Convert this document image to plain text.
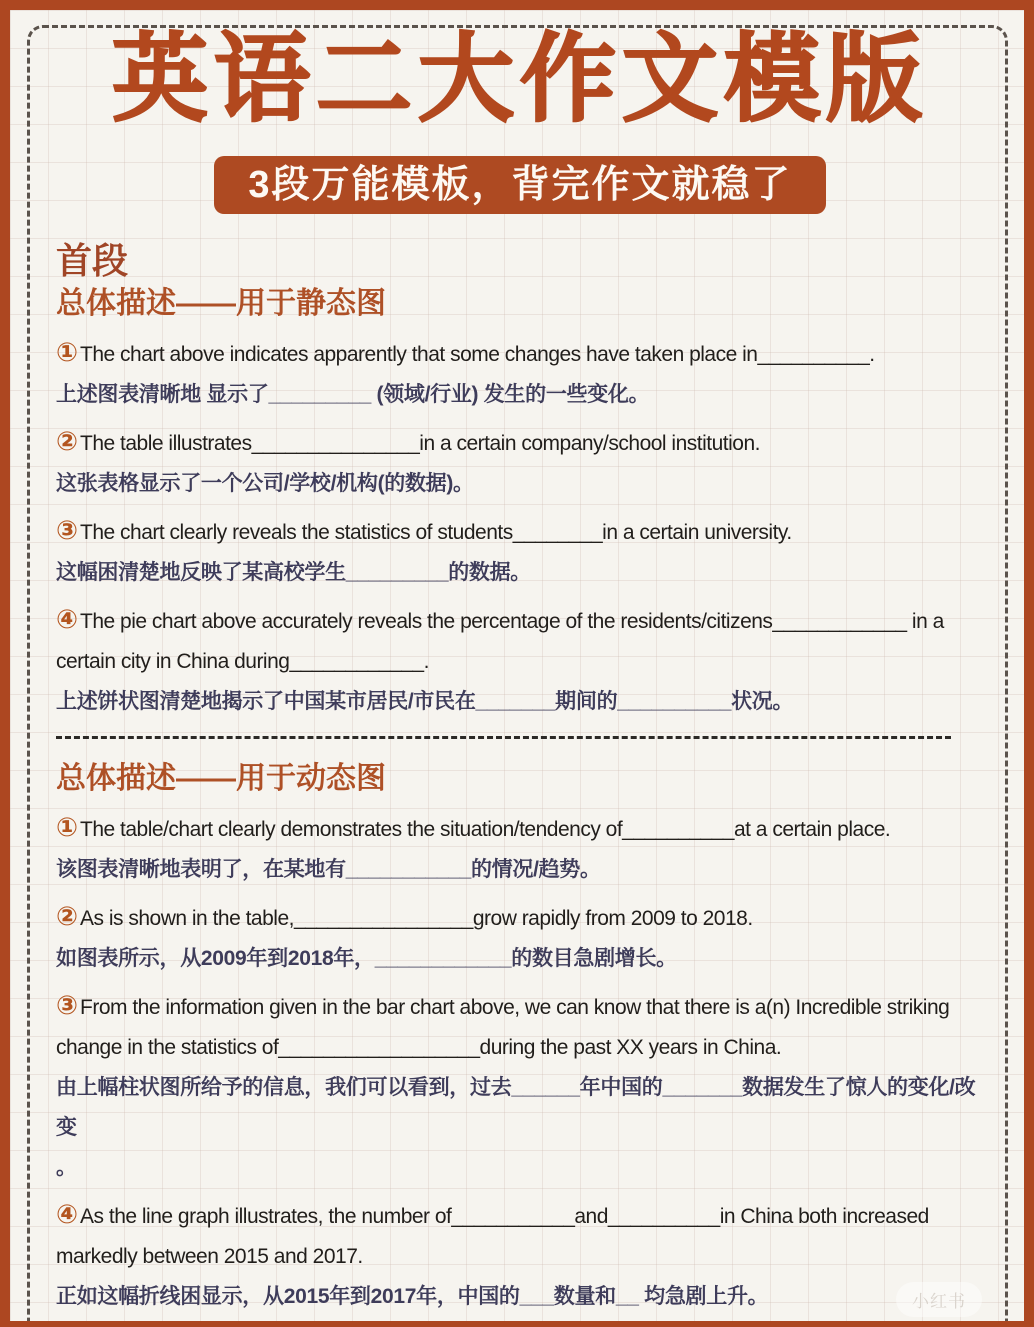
英语二大作文模版
3段万能模板，背完作文就稳了
首段
总体描述——用于静态图

①The chart above indicates apparently that some changes have taken place in__________.

上述图表清晰地 显示了_________ (领域/行业) 发生的一些变化。

②The table illustrates_______________in a certain company/school institution.

这张表格显示了一个公司/学校/机构(的数据)。

③The chart clearly reveals the statistics of students________in a certain university.

这幅困清楚地反映了某高校学生_________的数据。

④The pie chart above accurately reveals the percentage of the residents/citizens____________ in a certain city in China during____________.

上述饼状图清楚地揭示了中国某市居民/市民在_______期间的__________状况。

总体描述——用于动态图

①The table/chart clearly demonstrates the situation/tendency of__________at a certain place.

该图表清晰地表明了，在某地有___________的情况/趋势。

②As is shown in the table,________________grow rapidly from 2009 to 2018.

如图表所示，从2009年到2018年，____________的数目急剧增长。

③From the information given in the bar chart above, we can know that there is a(n) Incredible striking change in the statistics of__________________during the past XX years in China.

由上幅柱状图所给予的信息，我们可以看到，过去______年中国的_______数据发生了惊人的变化/改变

。

④As the line graph illustrates, the number of___________and__________in China both increased markedly between 2015 and 2017.

正如这幅折线困显示，从2015年到2017年，中国的___数量和__ 均急剧上升。	小红书
